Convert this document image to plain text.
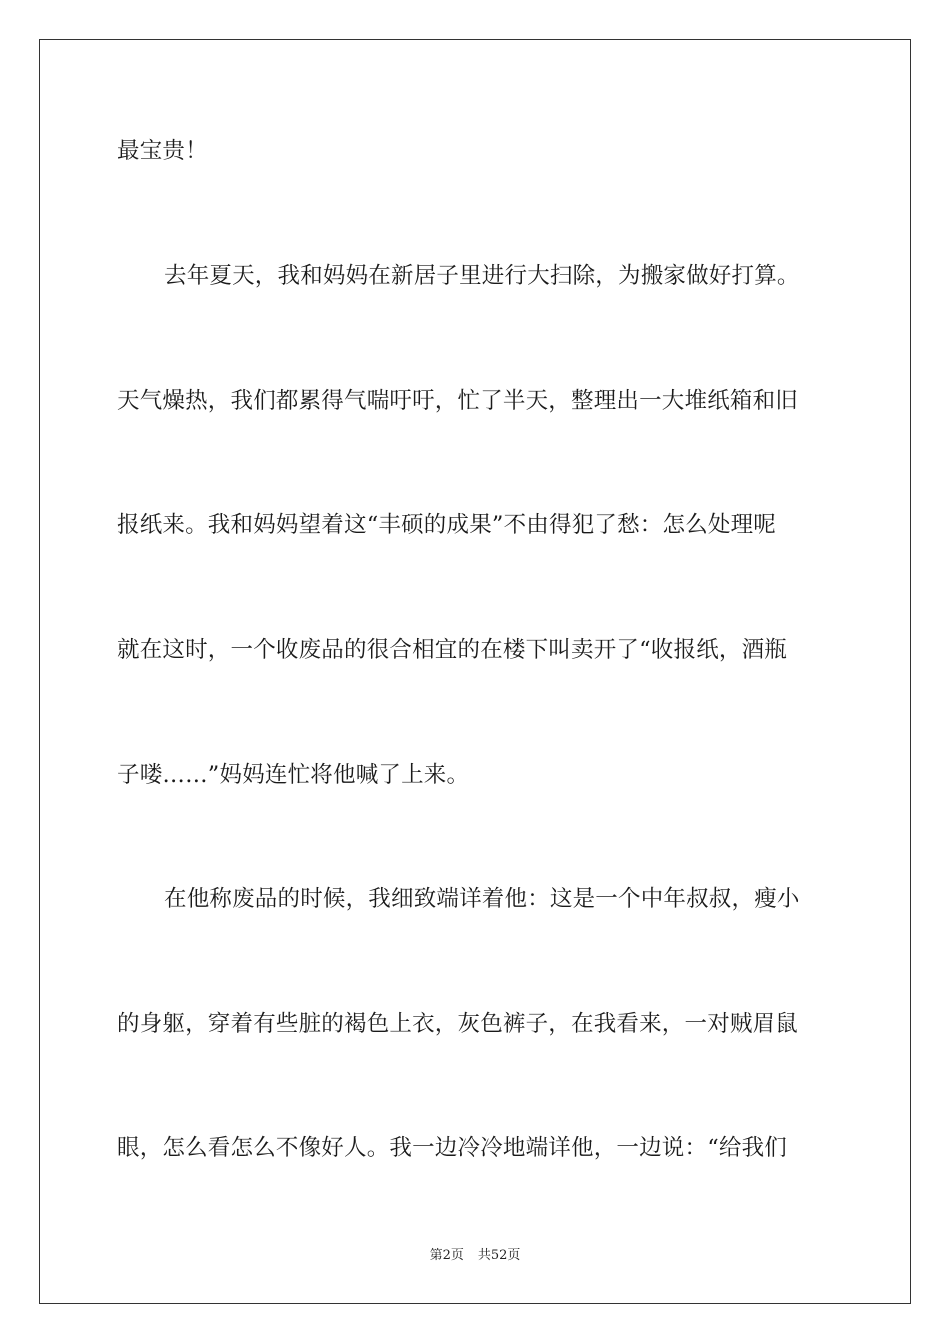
最宝贵！
去年夏天，我和妈妈在新居子里进行大扫除，为搬家做好打算。
天气燥热，我们都累得气喘吁吁，忙了半天，整理出一大堆纸箱和旧
报纸来。我和妈妈望着这“丰硕的成果”不由得犯了愁：怎么处理呢
就在这时，一个收废品的很合相宜的在楼下叫卖开了“收报纸，酒瓶
子喽……”妈妈连忙将他喊了上来。
在他称废品的时候，我细致端详着他：这是一个中年叔叔，瘦小
的身躯，穿着有些脏的褐色上衣，灰色裤子，在我看来，一对贼眉鼠
眼，怎么看怎么不像好人。我一边冷冷地端详他，一边说：“给我们
第2页 共52页
